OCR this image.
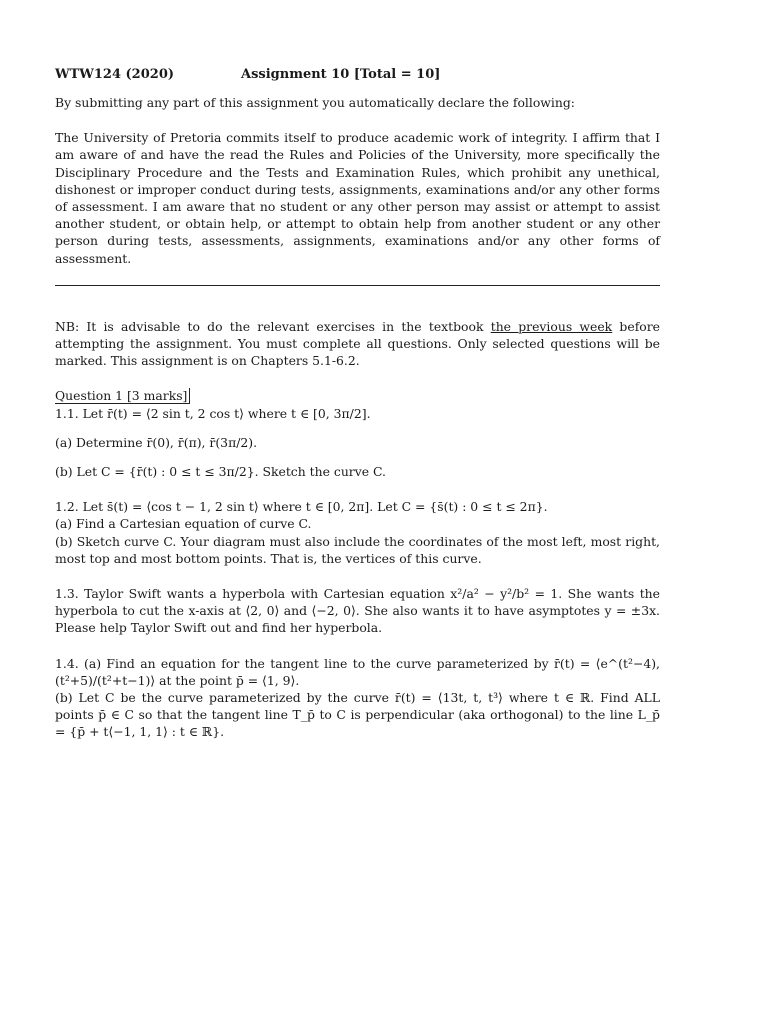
WTW124 (2020)	Assignment 10 [Total = 10]

By submitting any part of this assignment you automatically declare the following:

The University of Pretoria commits itself to produce academic work of integrity. I affirm that I am aware of and have the read the Rules and Policies of the University, more specifically the Disciplinary Procedure and the Tests and Examination Rules, which prohibit any unethical, dishonest or improper conduct during tests, assignments, examinations and/or any other forms of assessment. I am aware that no student or any other person may assist or attempt to assist another student, or obtain help, or attempt to obtain help from another student or any other person during tests, assessments, assignments, examinations and/or any other forms of assessment.

NB: It is advisable to do the relevant exercises in the textbook the previous week before attempting the assignment. You must complete all questions. Only selected questions will be marked. This assignment is on Chapters 5.1-6.2.

Question 1 [3 marks]

1.1. Let r̄(t) = ⟨2 sin t, 2 cos t⟩ where t ∈ [0, 3π/2].

(a) Determine r̄(0), r̄(π), r̄(3π/2).

(b) Let C = {r̄(t) : 0 ≤ t ≤ 3π/2}. Sketch the curve C.

1.2. Let s̄(t) = ⟨cos t − 1, 2 sin t⟩ where t ∈ [0, 2π]. Let C = {s̄(t) : 0 ≤ t ≤ 2π}.

(a) Find a Cartesian equation of curve C.

(b) Sketch curve C. Your diagram must also include the coordinates of the most left, most right, most top and most bottom points. That is, the vertices of this curve.

1.3. Taylor Swift wants a hyperbola with Cartesian equation x²/a² − y²/b² = 1. She wants the hyperbola to cut the x-axis at ⟨2, 0⟩ and ⟨−2, 0⟩. She also wants it to have asymptotes y = ±3x. Please help Taylor Swift out and find her hyperbola.

1.4. (a) Find an equation for the tangent line to the curve parameterized by r̄(t) = ⟨e^(t²−4), (t²+5)/(t²+t−1)⟩ at the point p̄ = ⟨1, 9⟩.

(b) Let C be the curve parameterized by the curve r̄(t) = ⟨13t, t, t³⟩ where t ∈ ℝ. Find ALL points p̄ ∈ C so that the tangent line T_p̄ to C is perpendicular (aka orthogonal) to the line L_p̄ = {p̄ + t⟨−1, 1, 1⟩ : t ∈ ℝ}.
